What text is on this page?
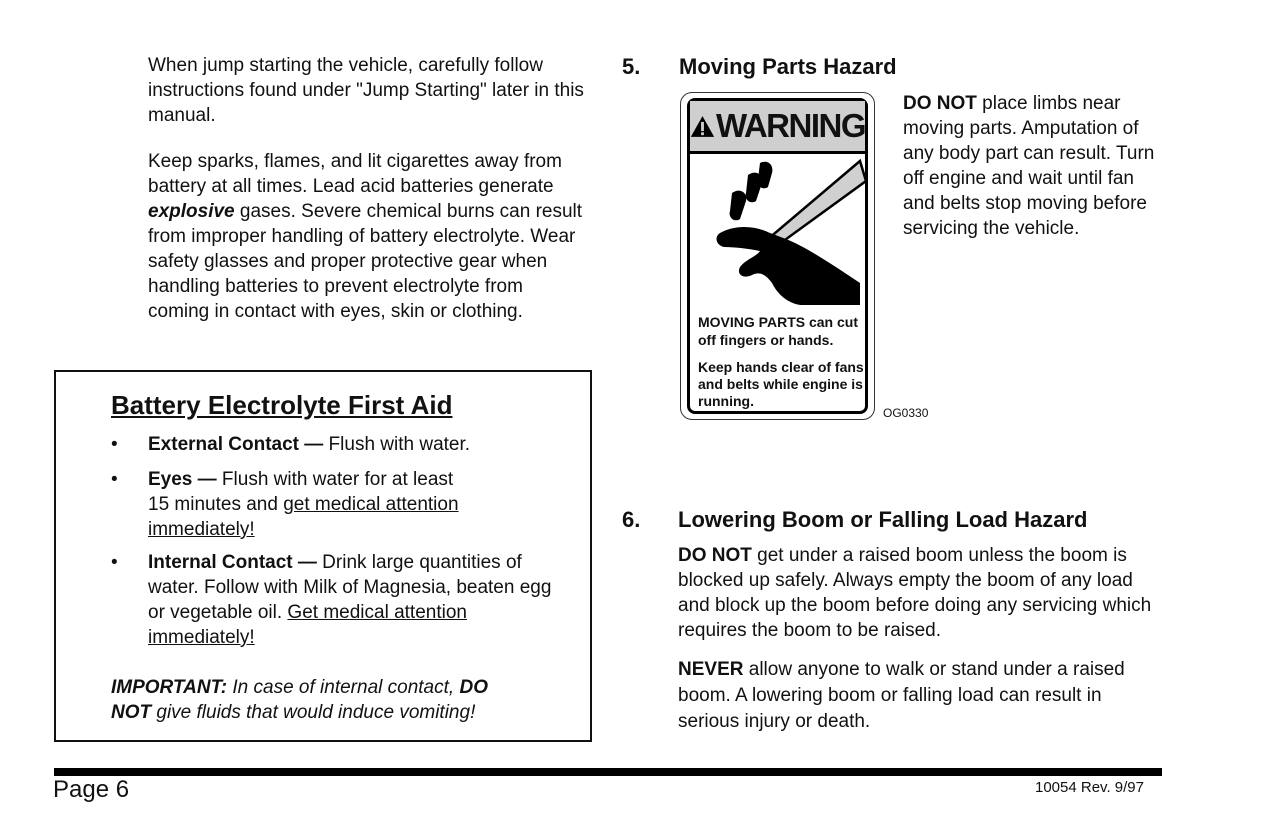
When jump starting the vehicle, carefully follow instructions found under "Jump Starting" later in this manual.

Keep sparks, flames, and lit cigarettes away from battery at all times. Lead acid batteries generate explosive gases. Severe chemical burns can result from improper handling of battery electrolyte. Wear safety glasses and proper protective gear when handling batteries to prevent electrolyte from coming in contact with eyes, skin or clothing.

Battery Electrolyte First Aid
• External Contact — Flush with water.

• Eyes — Flush with water for at least 15 minutes and get medical attention immediately!

• Internal Contact — Drink large quantities of water. Follow with Milk of Magnesia, beaten egg or vegetable oil. Get medical attention immediately!

IMPORTANT: In case of internal contact, DO
NOT give fluids that would induce vomiting!

5. Moving Parts Hazard
WARNING
MOVING PARTS can cut off fingers or hands.
Keep hands clear of fans and belts while engine is running.
OG0330

DO NOT place limbs near moving parts. Amputation of any body part can result. Turn off engine and wait until fan and belts stop moving before servicing the vehicle.

6. Lowering Boom or Falling Load Hazard

DO NOT get under a raised boom unless the boom is blocked up safely. Always empty the boom of any load and block up the boom before doing any servicing which requires the boom to be raised.

NEVER allow anyone to walk or stand under a raised boom. A lowering boom or falling load can result in serious injury or death.

Page 6	10054 Rev. 9/97
